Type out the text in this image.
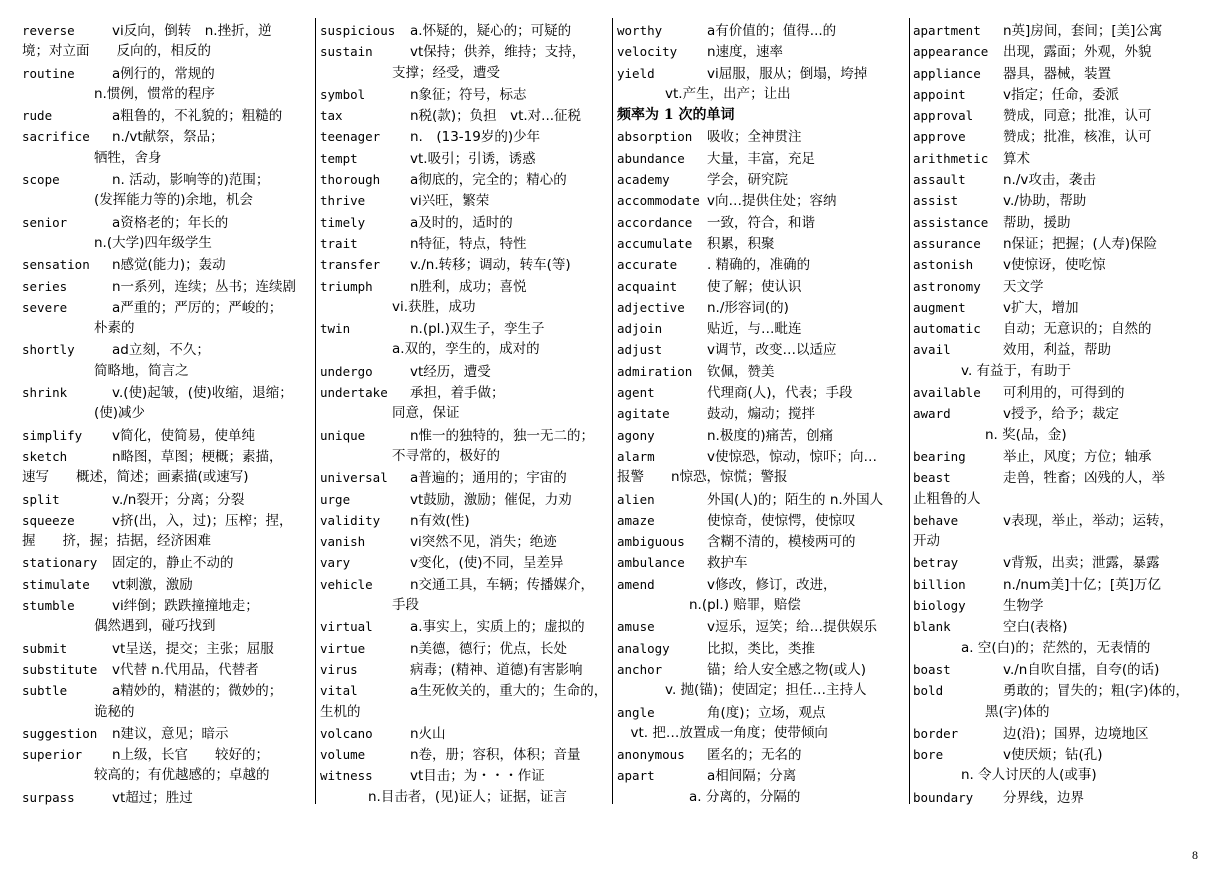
reverse	vi反向，倒转　n.挫折，逆
境；对立面　　反向的，相反的
routine	a例行的，常规的
n.惯例，惯常的程序
rude	a粗鲁的，不礼貌的；粗糙的
sacrifice n./vt献祭，祭品；
牺牲，舍身
scope	n. 活动，影响等的)范围；
(发挥能力等的)余地，机会
senior	a资格老的；年长的
n.(大学)四年级学生
sensation n感觉(能力)；轰动
series	n一系列，连续；丛书；连续剧
severe	a严重的；严厉的；严峻的；
朴素的
shortly	ad立刻，不久；
简略地，简言之
shrink	v.(使)起皱，(使)收缩，退缩；
(使)减少
simplify v简化，使简易，使单纯
sketch	n略图，草图；梗概；素描，
速写　　概述，简述；画素描(或速写)
split	v./n裂开；分离；分裂
squeeze	v挤(出，入，过)；压榨；捏，
握　　挤，握；拮据，经济困难
stationary 固定的，静止不动的
stimulate vt刺激，激励
stumble	vi绊倒；跌跌撞撞地走；
偶然遇到，碰巧找到
submit	vt呈送，提交；主张；屈服
substitute v代替 n.代用品，代替者
subtle	a精妙的，精湛的；微妙的；
诡秘的
suggestion n建议，意见；暗示
superior n上级，长官　　较好的；
较高的；有优越感的；卓越的
surpass	vt超过；胜过
suspicious a.怀疑的，疑心的；可疑的
sustain	vt保持；供养，维持；支持，
支撑；经受，遭受
symbol	n象征；符号，标志
tax	n税(款)；负担　vt.对...征税
teenager n.　(13-19岁的)少年
tempt	vt.吸引；引诱，诱惑
thorough a彻底的，完全的；精心的
thrive	vi兴旺，繁荣
timely	a及时的，适时的
trait	n特征，特点，特性
transfer v./n.转移；调动，转车(等)
triumph	n胜利，成功；喜悦
vi.获胜，成功
twin	n.(pl.)双生子，孪生子
a.双的，孪生的，成对的
undergo	vt经历，遭受
undertake 承担，着手做；
同意，保证
unique	n惟一的独特的，独一无二的；
不寻常的，极好的
universal a普遍的；通用的；宇宙的
urge	vt鼓励，激励；催促，力劝
validity n有效(性)
vanish	vi突然不见，消失；绝迹
vary	v变化，(使)不同，呈差异
vehicle	n交通工具，车辆；传播媒介，
手段
virtual	a.事实上，实质上的；虚拟的
virtue	n美德，德行；优点，长处
virus	病毒；(精神、道德)有害影响
vital	a生死攸关的，重大的；生命的，
生机的
volcano	n火山
volume	n卷，册；容积，体积；音量
witness	vt目击；为・・・作证
n.目击者，(见)证人；证据，证言
worthy	a有价值的；值得...的
velocity n速度，速率
yield	vi屈服，服从；倒塌，垮掉
vt.产生，出产；让出
频率为 1 次的单词
absorption 吸收；全神贯注
abundance 大量，丰富，充足
academy	学会，研究院
accommodate v向…提供住处；容纳
accordance 一致，符合，和谐
accumulate 积累，积聚
accurate . 精确的，准确的
acquaint 使了解；使认识
adjective n./形容词(的)
adjoin	贴近，与…毗连
adjust	v调节，改变…以适应
admiration 钦佩，赞美
agent	代理商(人)，代表；手段
agitate	鼓动，煽动；搅拌
agony	n.极度的)痛苦，创痛
alarm	v使惊恐，惊动，惊吓；向…
报警　　n惊恐，惊慌；警报
alien	外国(人)的；陌生的 n.外国人
amaze	使惊奇，使惊愕，使惊叹
ambiguous 含糊不清的，模棱两可的
ambulance 救护车
amend	v修改，修订，改进，
n.(pl.) 赔罪，赔偿
amuse	v逗乐，逗笑；给…提供娱乐
analogy	比拟，类比，类推
anchor	锚；给人安全感之物(或人)
v. 抛(锚)；使固定；担任…主持人
angle	角(度)；立场，观点
　vt. 把…放置成一角度；使带倾向
anonymous 匿名的；无名的
apart	a相间隔；分离
a. 分离的，分隔的
apartment n英]房间，套间；[美]公寓
appearance 出现，露面；外观，外貌
appliance 器具，器械，装置
appoint	v指定；任命，委派
approval 赞成，同意；批准，认可
approve	赞成；批准，核准，认可
arithmetic 算术
assault	n./v攻击，袭击
assist	v./协助，帮助
assistance 帮助，援助
assurance n保证；把握；(人寿)保险
astonish v使惊讶，使吃惊
astronomy 天文学
augment	v扩大，增加
automatic 自动；无意识的；自然的
avail	效用，利益，帮助
v. 有益于，有助于
available 可利用的，可得到的
award	v授予，给予；裁定
n. 奖(品，金)
bearing	举止，风度；方位；轴承
beast	走兽，牲畜；凶残的人，举
止粗鲁的人
behave	v表现，举止，举动；运转，
开动
betray	v背叛，出卖；泄露，暴露
billion	n./num美]十亿；[英]万亿
biology	生物学
blank	空白(表格)
a. 空(白)的；茫然的，无表情的
boast	v./n自吹自擂，自夸(的话)
bold	勇敢的；冒失的；粗(字)体的，
黑(字)体的
border	边(沿)；国界，边境地区
bore	v使厌烦；钻(孔)
n. 令人讨厌的人(或事)
boundary 分界线，边界
8
